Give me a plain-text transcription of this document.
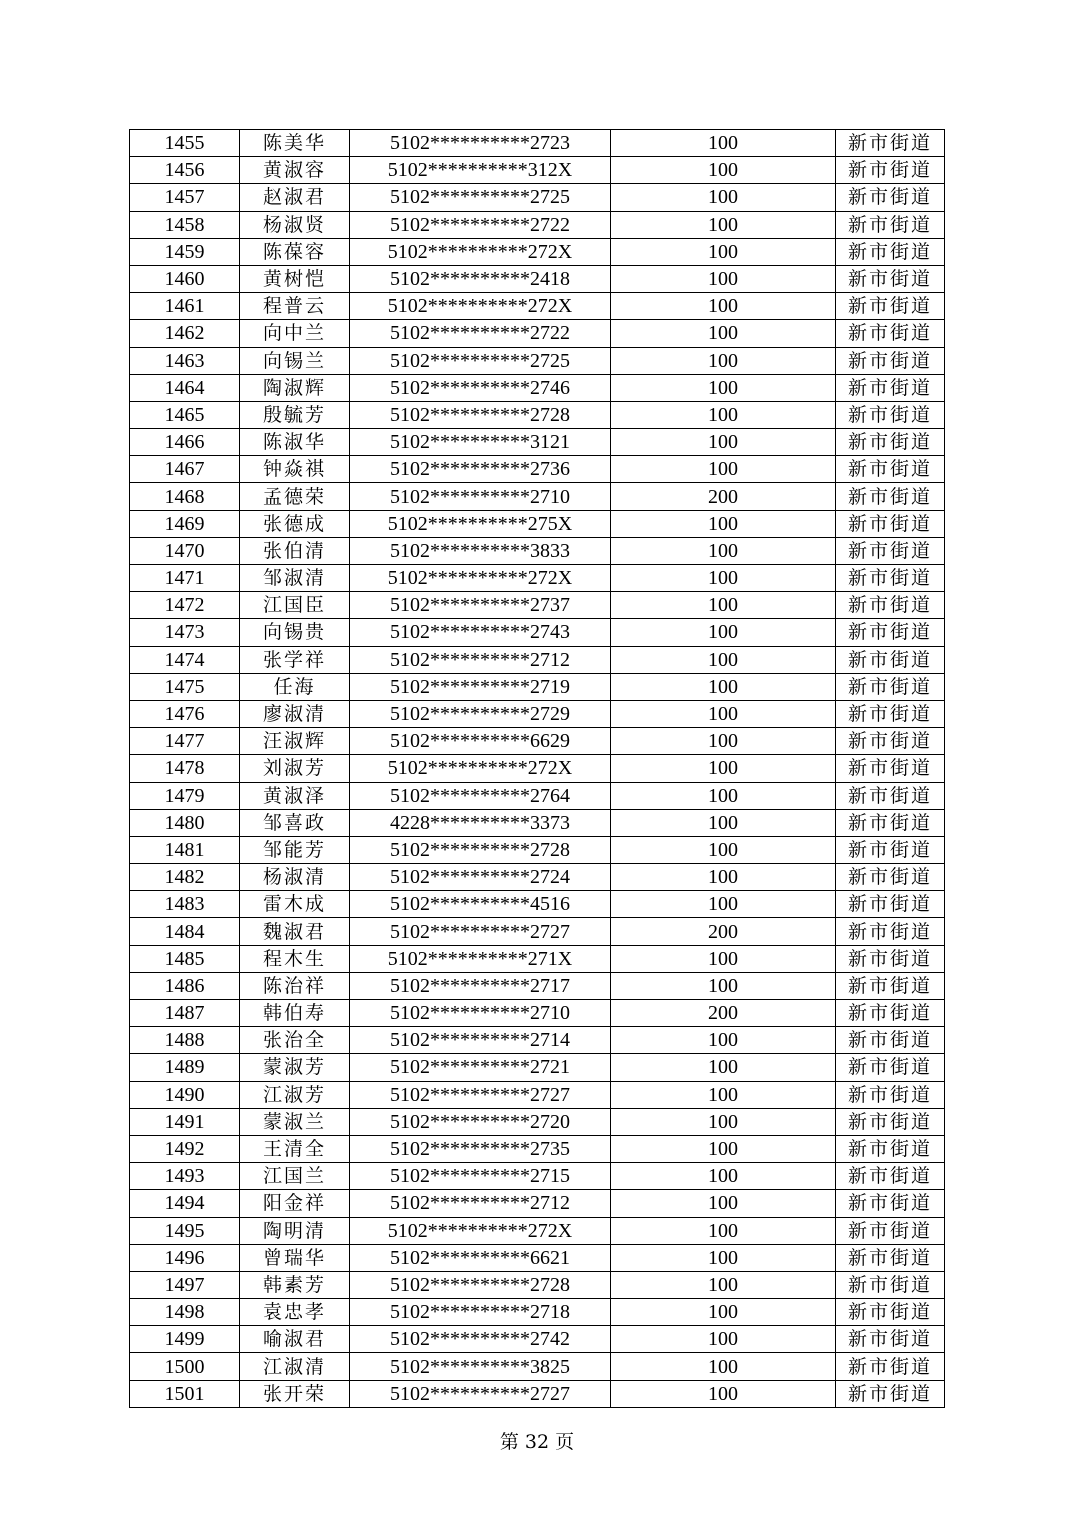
1455	陈美华	5102**********2723	100	新市街道
1456	黄淑容	5102**********312X	100	新市街道
1457	赵淑君	5102**********2725	100	新市街道
1458	杨淑贤	5102**********2722	100	新市街道
1459	陈葆容	5102**********272X	100	新市街道
1460	黄树恺	5102**********2418	100	新市街道
1461	程普云	5102**********272X	100	新市街道
1462	向中兰	5102**********2722	100	新市街道
1463	向锡兰	5102**********2725	100	新市街道
1464	陶淑辉	5102**********2746	100	新市街道
1465	殷毓芳	5102**********2728	100	新市街道
1466	陈淑华	5102**********3121	100	新市街道
1467	钟焱祺	5102**********2736	100	新市街道
1468	孟德荣	5102**********2710	200	新市街道
1469	张德成	5102**********275X	100	新市街道
1470	张伯清	5102**********3833	100	新市街道
1471	邹淑清	5102**********272X	100	新市街道
1472	江国臣	5102**********2737	100	新市街道
1473	向锡贵	5102**********2743	100	新市街道
1474	张学祥	5102**********2712	100	新市街道
1475	任海	5102**********2719	100	新市街道
1476	廖淑清	5102**********2729	100	新市街道
1477	汪淑辉	5102**********6629	100	新市街道
1478	刘淑芳	5102**********272X	100	新市街道
1479	黄淑泽	5102**********2764	100	新市街道
1480	邹喜政	4228**********3373	100	新市街道
1481	邹能芳	5102**********2728	100	新市街道
1482	杨淑清	5102**********2724	100	新市街道
1483	雷木成	5102**********4516	100	新市街道
1484	魏淑君	5102**********2727	200	新市街道
1485	程木生	5102**********271X	100	新市街道
1486	陈治祥	5102**********2717	100	新市街道
1487	韩伯寿	5102**********2710	200	新市街道
1488	张治全	5102**********2714	100	新市街道
1489	蒙淑芳	5102**********2721	100	新市街道
1490	江淑芳	5102**********2727	100	新市街道
1491	蒙淑兰	5102**********2720	100	新市街道
1492	王清全	5102**********2735	100	新市街道
1493	江国兰	5102**********2715	100	新市街道
1494	阳金祥	5102**********2712	100	新市街道
1495	陶明清	5102**********272X	100	新市街道
1496	曾瑞华	5102**********6621	100	新市街道
1497	韩素芳	5102**********2728	100	新市街道
1498	袁忠孝	5102**********2718	100	新市街道
1499	喻淑君	5102**********2742	100	新市街道
1500	江淑清	5102**********3825	100	新市街道
1501	张开荣	5102**********2727	100	新市街道
第 32 页
